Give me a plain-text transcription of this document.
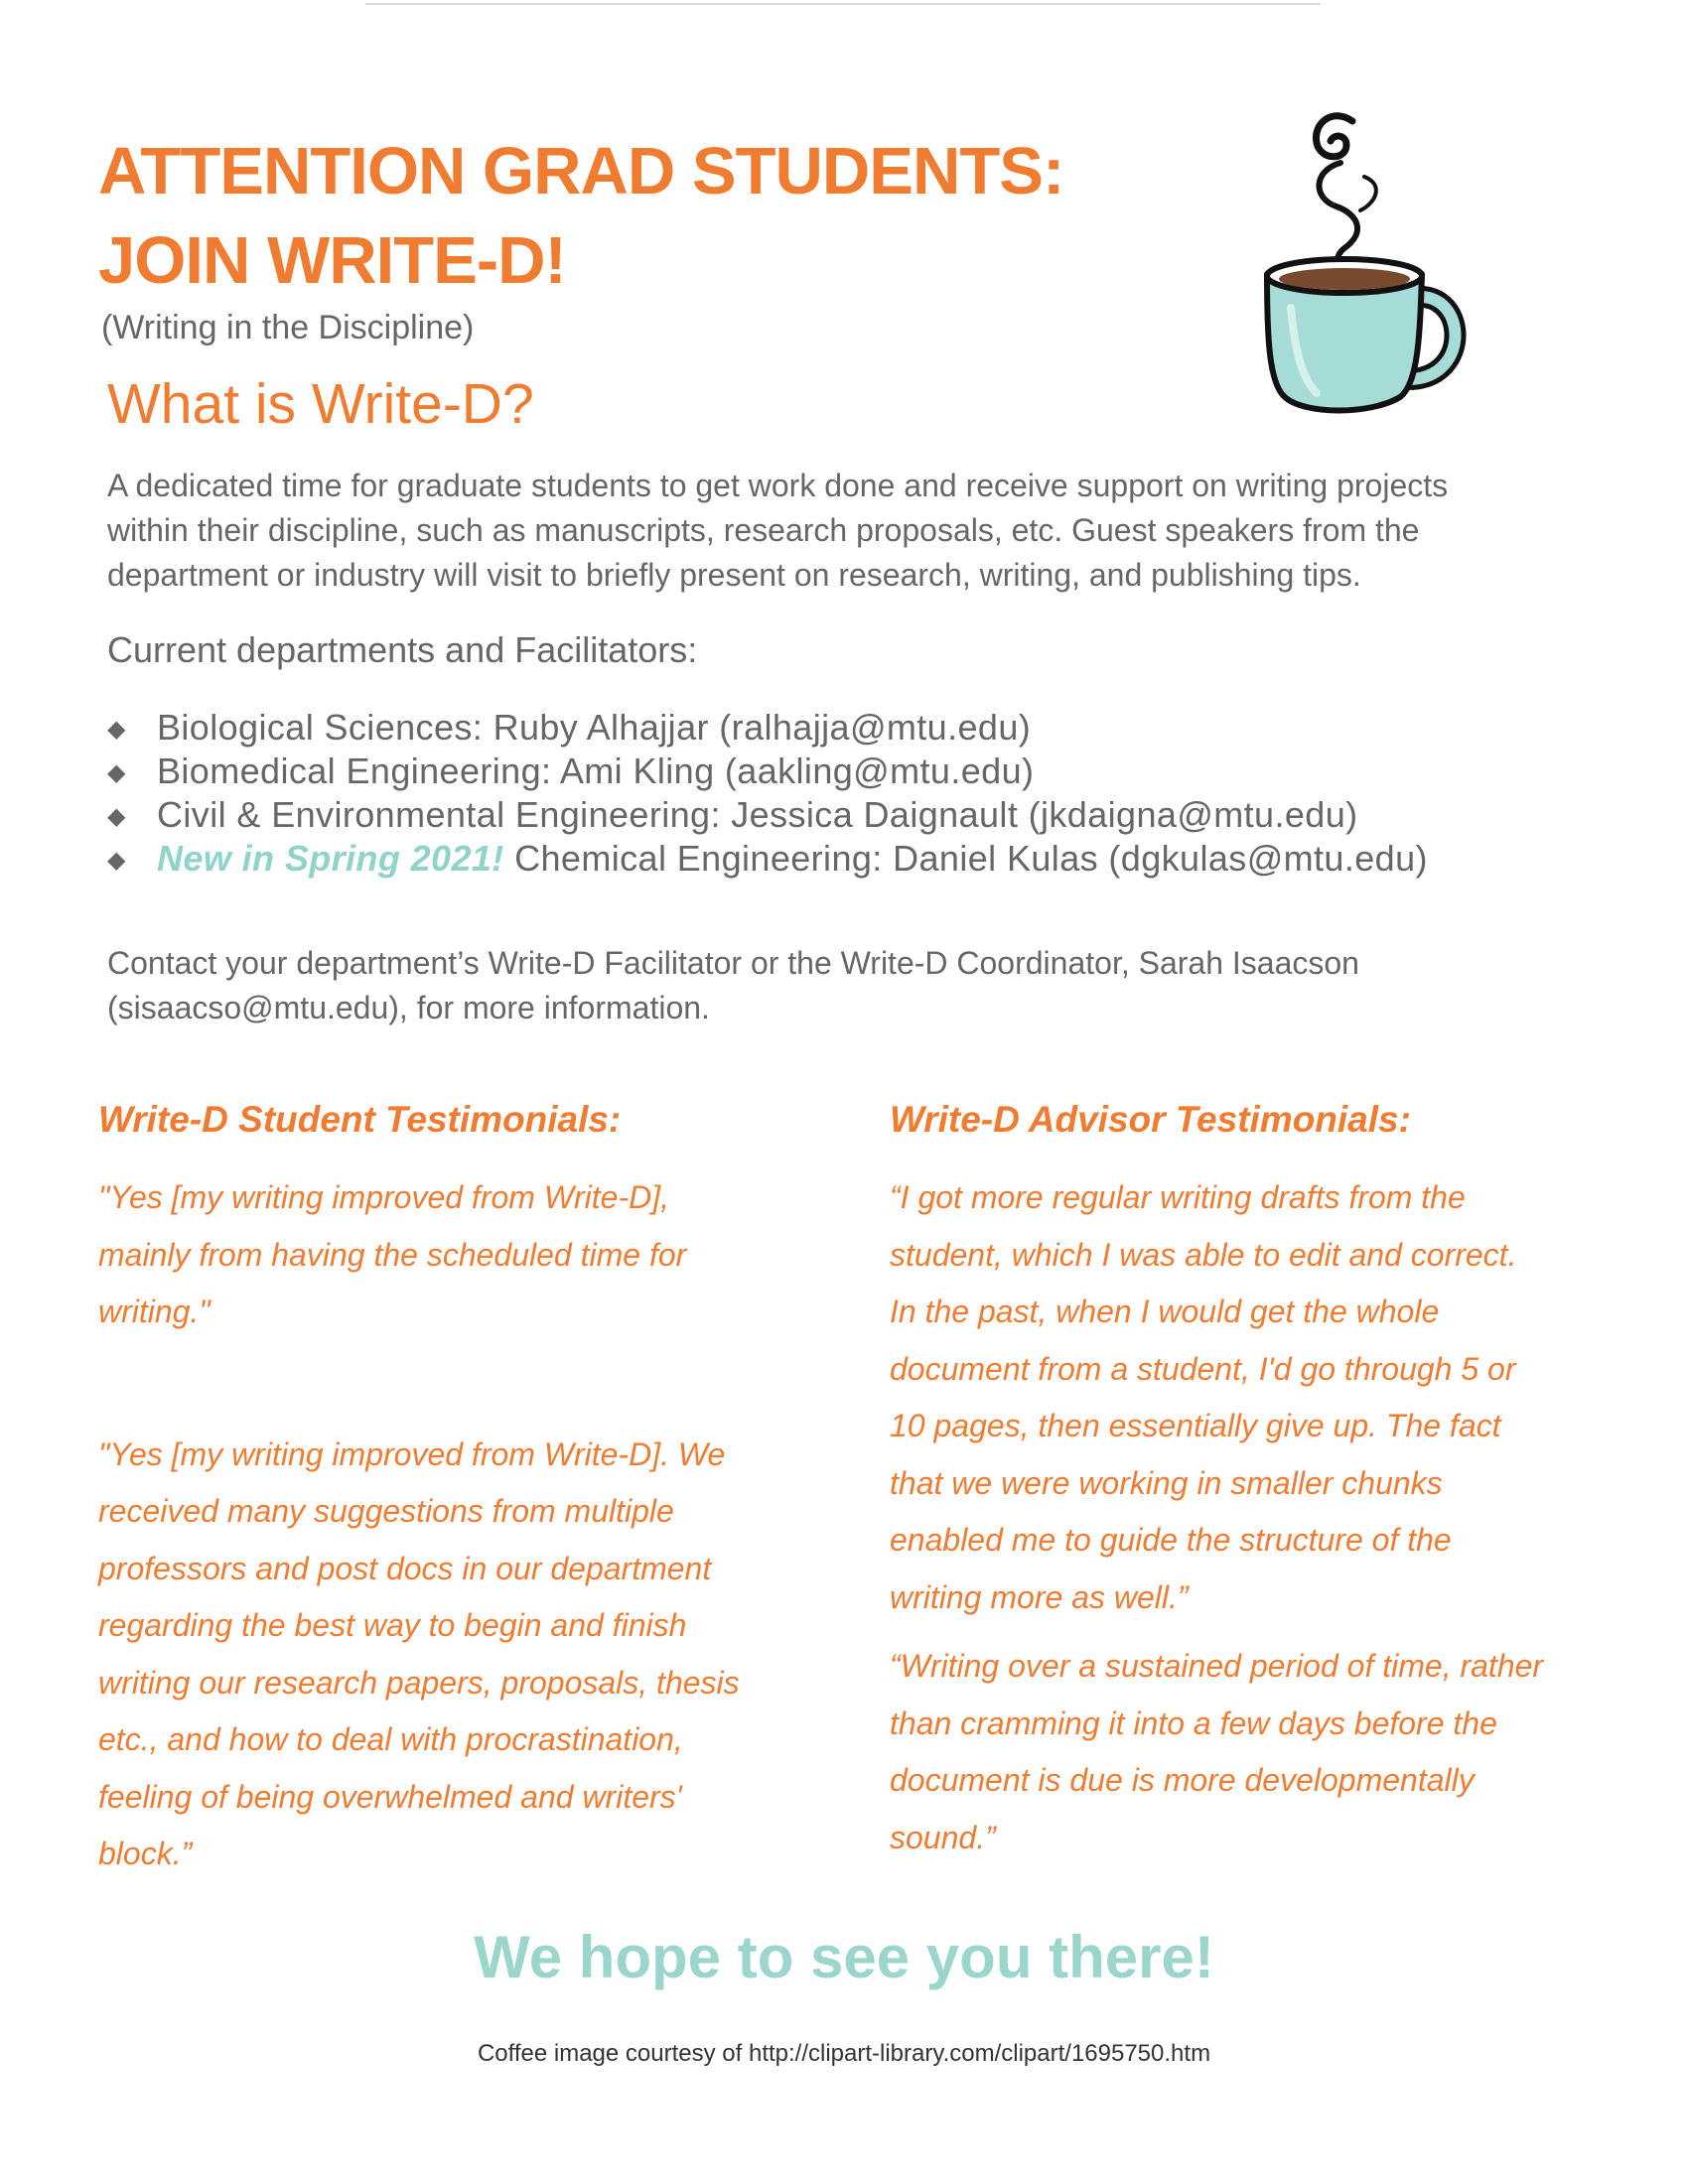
ATTENTION GRAD STUDENTS:
JOIN WRITE-D!
(Writing in the Discipline)
What is Write-D?

A dedicated time for graduate students to get work done and receive support on writing projects
within their discipline, such as manuscripts, research proposals, etc. Guest speakers from the
department or industry will visit to briefly present on research, writing, and publishing tips.

Current departments and Facilitators:
◆ Biological Sciences: Ruby Alhajjar (ralhajja@mtu.edu)
◆ Biomedical Engineering: Ami Kling (aakling@mtu.edu)
◆ Civil & Environmental Engineering: Jessica Daignault (jkdaigna@mtu.edu)
◆ New in Spring 2021! Chemical Engineering: Daniel Kulas (dgkulas@mtu.edu)

Contact your department’s Write-D Facilitator or the Write-D Coordinator, Sarah Isaacson
(sisaacso@mtu.edu), for more information.

Write-D Student Testimonials:

"Yes [my writing improved from Write-D],
mainly from having the scheduled time for
writing."

"Yes [my writing improved from Write-D]. We
received many suggestions from multiple
professors and post docs in our department
regarding the best way to begin and finish
writing our research papers, proposals, thesis
etc., and how to deal with procrastination,
feeling of being overwhelmed and writers'
block.”

Write-D Advisor Testimonials:

“I got more regular writing drafts from the
student, which I was able to edit and correct.
In the past, when I would get the whole
document from a student, I'd go through 5 or
10 pages, then essentially give up. The fact
that we were working in smaller chunks
enabled me to guide the structure of the
writing more as well.”

“Writing over a sustained period of time, rather
than cramming it into a few days before the
document is due is more developmentally
sound.”

We hope to see you there!
Coffee image courtesy of http://clipart-library.com/clipart/1695750.htm
